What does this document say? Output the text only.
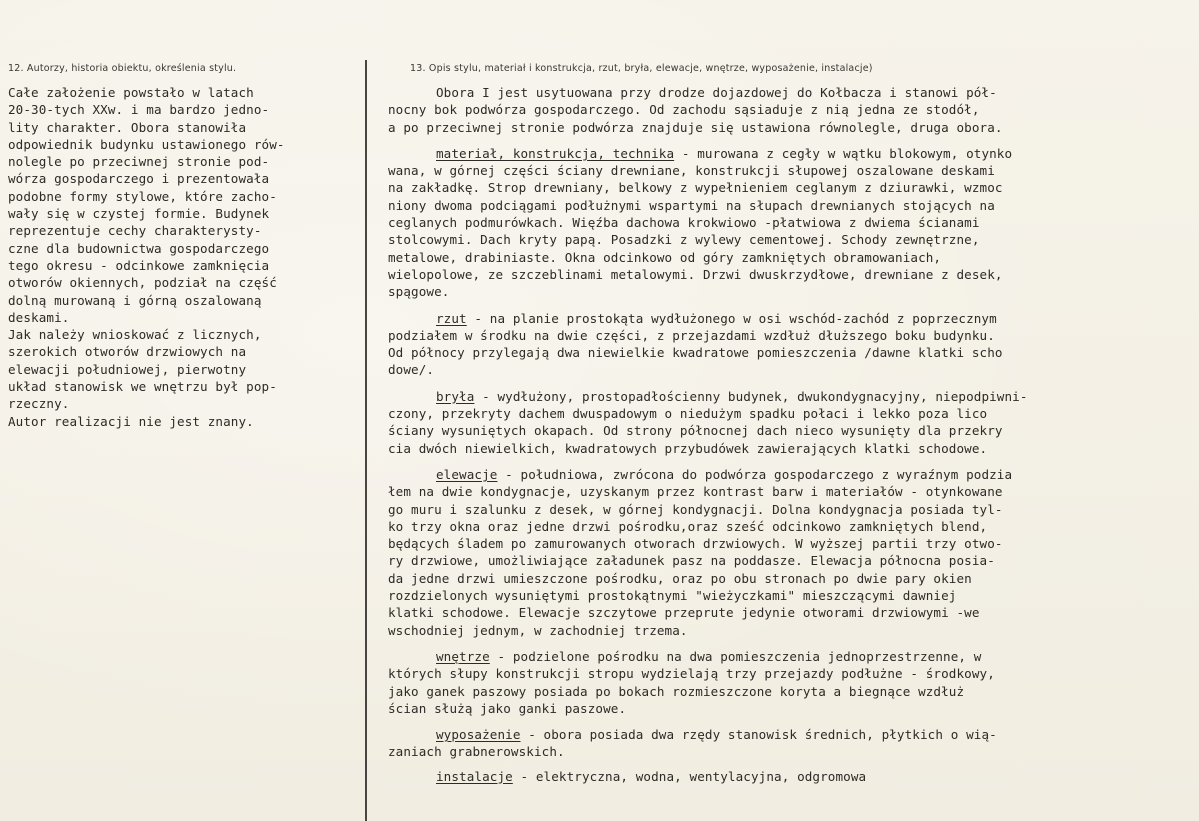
12. Autorzy, historia obiektu, określenia stylu.	13. Opis stylu, materiał i konstrukcja, rzut, bryła, elewacje, wnętrze, wyposażenie, instalacje)
Całe założenie powstało w latach
20-30-tych XXw. i ma bardzo jedno-
lity charakter. Obora stanowiła
odpowiednik budynku ustawionego rów-
nolegle po przeciwnej stronie pod-
wórza gospodarczego i prezentowała
podobne formy stylowe, które zacho-
wały się w czystej formie. Budynek
reprezentuje cechy charakterysty-
czne dla budownictwa gospodarczego
tego okresu - odcinkowe zamknięcia
otworów okiennych, podział na część
dolną murowaną i górną oszalowaną
deskami.
Jak należy wnioskować z licznych,
szerokich otworów drzwiowych na
elewacji południowej, pierwotny
układ stanowisk we wnętrzu był pop-
rzeczny.
Autor realizacji nie jest znany.
Obora I jest usytuowana przy drodze dojazdowej do Kołbacza i stanowi pół-
nocny bok podwórza gospodarczego. Od zachodu sąsiaduje z nią jedna ze stodół,
a po przeciwnej stronie podwórza znajduje się ustawiona równolegle, druga obora.
materiał, konstrukcja, technika - murowana z cegły w wątku blokowym, otynko
wana, w górnej części ściany drewniane, konstrukcji słupowej oszalowane deskami
na zakładkę. Strop drewniany, belkowy z wypełnieniem ceglanym z dziurawki, wzmoc
niony dwoma podciągami podłużnymi wspartymi na słupach drewnianych stojących na
ceglanych podmurówkach. Więźba dachowa krokwiowo -płatwiowa z dwiema ścianami
stolcowymi. Dach kryty papą. Posadzki z wylewy cementowej. Schody zewnętrzne,
metalowe, drabiniaste. Okna odcinkowo od góry zamkniętych obramowaniach,
wielopolowe, ze szczeblinami metalowymi. Drzwi dwuskrzydłowe, drewniane z desek,
spągowe.
rzut - na planie prostokąta wydłużonego w osi wschód-zachód z poprzecznym
podziałem w środku na dwie części, z przejazdami wzdłuż dłuższego boku budynku.
Od północy przylegają dwa niewielkie kwadratowe pomieszczenia /dawne klatki scho
dowe/.
bryła - wydłużony, prostopadłościenny budynek, dwukondygnacyjny, niepodpiwni-
czony, przekryty dachem dwuspadowym o niedużym spadku połaci i lekko poza lico
ściany wysuniętych okapach. Od strony północnej dach nieco wysunięty dla przekry
cia dwóch niewielkich, kwadratowych przybudówek zawierających klatki schodowe.
elewacje - południowa, zwrócona do podwórza gospodarczego z wyraźnym podzia
łem na dwie kondygnacje, uzyskanym przez kontrast barw i materiałów - otynkowane
go muru i szalunku z desek, w górnej kondygnacji. Dolna kondygnacja posiada tyl-
ko trzy okna oraz jedne drzwi pośrodku,oraz sześć odcinkowo zamkniętych blend,
będących śladem po zamurowanych otworach drzwiowych. W wyższej partii trzy otwo-
ry drzwiowe, umożliwiające załadunek pasz na poddasze. Elewacja północna posia-
da jedne drzwi umieszczone pośrodku, oraz po obu stronach po dwie pary okien
rozdzielonych wysuniętymi prostokątnymi "wieżyczkami" mieszczącymi dawniej
klatki schodowe. Elewacje szczytowe przeprute jedynie otworami drzwiowymi -we
wschodniej jednym, w zachodniej trzema.
wnętrze - podzielone pośrodku na dwa pomieszczenia jednoprzestrzenne, w
których słupy konstrukcji stropu wydzielają trzy przejazdy podłużne - środkowy,
jako ganek paszowy posiada po bokach rozmieszczone koryta a biegnące wzdłuż
ścian służą jako ganki paszowe.
wyposażenie - obora posiada dwa rzędy stanowisk średnich, płytkich o wią-
zaniach grabnerowskich.
instalacje - elektryczna, wodna, wentylacyjna, odgromowa
